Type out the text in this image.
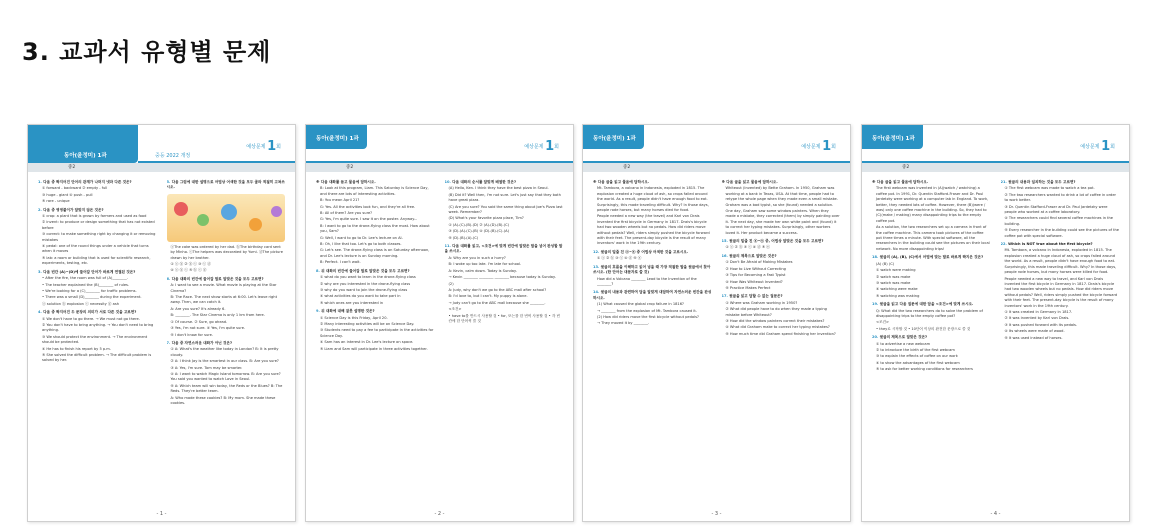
3. 교과서 유형별 문제
동아(윤정미) 1과	중등 2022 개정
예상문제 1회
중2

1. 다음 중 짝지어진 단어의 관계가 나머지 넷과 다른 것은?

① forward - backward ② empty - full

③ huge - giant ④ push - pull

⑤ rare - unique

2. 다음 중 영영풀이가 알맞지 않은 것은?

① crop: a plant that is grown by farmers and used as food

② invent: to produce or design something that has not existed before

③ correct: to make something right by changing it or removing mistakes

④ pedal: one of the round things under a vehicle that turns when it moves

⑤ lab: a room or building that is used for scientific research, experiments, testing, etc.

3. 다음 빈칸 (A)~(D)에 들어갈 단어가 바르게 연결된 것은?

• After the fire, the room was full of (A)________.

• The teacher explained the (B)________ of rules.

• We're looking for a (C)________ for traffic problems.

• There was a small (D)________ during the experiment.

ⓐ solution ⓑ explosion ⓒ necessity ⓓ ash

4. 다음 중 짝지어진 두 문장의 의미가 서로 다른 것을 고르면?

① We don't have to go there. → We must not go there.

② You don't have to bring anything. → You don't need to bring anything.

③ We should protect the environment. → The environment should be protected.

④ He has to finish his report by 5 p.m.

⑤ She solved the difficult problem. → The difficult problem is solved by her.

5. 다음 그림에 대한 설명으로 어법상 어색한 것을 모두 골라 적절히 고쳐쓰시오.

ⓐThe cake was ordered by her dad. ⓑThe birthday card sent by Minho. ⓒThe helpers was decorated by Yumi. ⓓThe picture drawn by her brother.

① ⓐ ⓑ ② ⓑ ⓒ ③ ⓒ ⓓ

④ ⓐ ⓑ ⓒ ⑤ ⓑ ⓒ ⓓ

6. 다음 대화의 빈칸에 들어갈 말로 알맞은 것을 모두 고르면?

A: I want to see a movie. What movie is playing at the Star Cinema?

B: The Race. The next show starts at 6:00. Let's leave right away. Then, we can catch it.

A: Are you sure? It's already 6.

B: ________. The Star Cinema is only 1 km from here.

① Of course. ② Sure, go ahead.

③ Yes, I'm not sure. ④ Yes, I'm quite sure.

⑤ I don't know for sure.

7. 다음 중 자연스러운 대화가 아닌 것은?

① A: What's the weather like today in London? B: It is pretty cloudy.

② A: I think Jay is the smartest in our class. B: Are you sure?

③ A: Yes, I'm sure. Tom may be smarter.

④ A: I want to watch Magic Island tomorrow. B: Are you sure? You said you wanted to watch Love in Seoul.

⑤ A: Which team will win today, the Reds or the Blues? B: The Reds. They're better team.

A: Who made these cookies? B: My mom. She made these cookies.

- 1 -
동아(윤정미) 1과
예상문제 1회
중2

※ 다음 대화를 듣고 물음에 답하시오.

B: Look at this program, Liam. This Saturday is Science Day, and there are lots of interesting activities.

B: You mean April 21?

G: Yes. All the activities look fun, and they're all free.

B: All of them? Are you sure?

G: Yes, I'm quite sure. I saw it on the poster. Anyway...

B: I want to go to the drone-flying class the most. How about you, Sam?

G: Well, I want to go to Dr. Lee's lecture on AI.

B: Oh, I like that too. Let's go to both classes.

G: Let's see. The drone-flying class is on Saturday afternoon, and Dr. Lee's lecture is on Sunday morning.

B: Perfect. I can't wait.

8. 위 대화의 빈칸에 들어갈 말로 알맞은 것을 모두 고르면?

① what do you want to learn in the drone-flying class

② why are you interested in the drone-flying class

③ why do you want to join the drone-flying class

④ what activities do you want to take part in

⑤ which ones are you interested in

9. 위 대화에 대해 잘못 설명한 것은?

① Science Day is this Friday, April 20.

② Many interesting activities will be on Science Day.

③ Students need to pay a fee to participate in the activities for Science Day.

④ Sam has an interest in Dr. Lee's lecture on space.

⑤ Liam and Sam will participate in three activities together.

10. 다음 대화의 순서를 알맞게 배열한 것은?

(A) Hello, Ken. I think they have the best pizza in Seoul.

(B) Did it? Well then, I'm not sure. Let's just say that they both have great pizza.

(C) Are you sure? You said the same thing about Joe's Pizza last week. Remember?

(D) What's your favorite pizza place, Tim?

① (A)-(C)-(B)-(D) ② (A)-(D)-(B)-(C)

③ (D)-(A)-(C)-(B) ④ (D)-(B)-(C)-(A)

⑤ (D)-(B)-(A)-(C)

11. 다음 대화를 읽고, <조건>에 맞게 빈칸에 알맞은 말을 넣어 완성할 말을 쓰시오.

A: Why are you in such a hurry?

B: I woke up too late. I'm late for school.

A: Kevin, calm down. Today is Sunday.

→ Kevin ________ ________ ________ because today is Sunday.

(2)

A: Judy, why don't we go to the ABC mall after school?

B: I'd love to, but I can't. My puppy is alone.

→ Judy can't go to the ABC mall because she ________.

<조건>

• have to를 반드시 사용할 것 • for, 또는를 한 번씩 사용할 것 • 각 빈칸에 한 단어씩 쓸 것

- 2 -
동아(윤정미) 1과
예상문제 1회
중2

※ 다음 글을 읽고 물음에 답하시오.

Mt. Tambora, a volcano in Indonesia, exploded in 1815. The explosion created a huge cloud of ash, so crops failed around the world. As a result, people didn't have enough food to eat. Surprisingly, this made traveling difficult. Why? In those days, people rode horses, but many horses died for food.

People needed a new way (the travel) and Karl von Drais invented the first bicycle in Germany in 1817. Drais's bicycle had two wooden wheels but no pedals. How did riders move without pedals? Well, riders simply pushed the bicycle forward with their feet. The present-day bicycle is the result of many inventors' work in the 19th century.

12. 윗글의 밑줄 친 ⓐ~ⓔ 중 어법상 어색한 것을 고르시오.

① ⓐ ② ⓑ ③ ⓒ ④ ⓓ ⑤ ⓔ

13. 윗글의 흐름을 이해하고 읽어 넣을 때 가장 적절한 말을 윗글에서 찾아 쓰시오. (한 단어는 대문자로 쓸 것)

How did a Volcano ________ Lead to the Invention of the ________?

14. 윗글의 내용과 관련하여 답을 알맞게 대답하여 자연스러운 빈칸을 완성하시오.

(1) What caused the global crop failure in 1816?

→ ________ from the explosion of Mt. Tambora caused it.

(2) How did riders move the first bicycle without pedals?

→ They moved it by ________.

※ 다음 글을 읽고 물음에 답하시오.

Whiteout (Invented) by Bette Graham. In 1950, Graham was working at a bank in Texas, USA. At that time, people had to retype the whole page when they made even a small mistake. Graham was a bad typist, so she (found) needed a solution.

One day, Graham saw some window painters. When they made a mistake, they corrected (them) by simply painting over it. The next day, she made her own white paint and (found) it to correct her typing mistakes. Surprisingly, other workers loved it. Her product became a success.

15. 윗글의 밑줄 친 ⓐ~ⓔ 중, 어법상 알맞은 것을 모두 고르면?

① ⓐ ② ⓑ ③ ⓒ ④ ⓓ ⑤ ⓔ

16. 윗글의 제목으로 알맞은 것은?

① Don't Be Afraid of Making Mistakes

② How to Live Without Correcting

③ Tips for Becoming a Fast Typist

④ How Was Whiteout Invented?

⑤ Practice Makes Perfect

17. 윗글을 읽고 답할 수 없는 질문은?

① Where was Graham working in 1950?

② What did people have to do when they made a typing mistake before Whiteout?

③ How did the window painters correct their mistakes?

④ What did Graham make to correct her typing mistakes?

⑤ How much time did Graham spend finishing her invention?

- 3 -
동아(윤정미) 1과
예상문제 1회
중2

※ 다음 글을 읽고 물음에 답하시오.

The first webcam was invented in (A)(watch / watching) a coffee pot. In 1991, Dr. Quentin Stafford-Fraser and Dr. Paul Jardetzky were working at a computer lab in England. To work, better, they needed lots of coffee. However, there (B)(were / was) only one coffee machine in the building. So, they had to (C)(make / making) many disappointing trips to the empty coffee pot.

As a solution, the two researchers set up a camera in front of the coffee machine. This camera took pictures of the coffee pot three times a minute. With special software, all the researchers in the building could see the pictures on their local network. No more disappointing trips!

18. 윗글의 (A), (B), (C)에서 어법에 맞는 말로 바르게 짝지은 것은?

(A) (B) (C)

① watch were making

② watch was make

③ watch was make

④ watching were make

⑤ watching was making

19. 윗글을 읽고 다음 질문에 대한 답을 <조건>에 맞게 쓰시오.

Q: What did the two researchers do to solve the problem of disappointing trips to the empty coffee pot?

<조건>

• they로 시작할 것 • 10단어 이상의 완전한 문장으로 쓸 것

20. 윗글의 제목으로 알맞은 것은?

① to advertise a new webcam

② to introduce the birth of the first webcam

③ to explain the effects of coffee on our work

④ to show the advantages of the first webcam

⑤ to ask for better working conditions for researchers

21. 윗글의 내용과 일치하는 것을 모두 고르면?

① The first webcam was made to watch a tea pot.

② The two researchers wanted to drink a lot of coffee in order to work better.

③ Dr. Quentin Stafford-Fraser and Dr. Paul Jardetzky were people who worked at a coffee laboratory.

④ The researchers could find several coffee machines in the building.

⑤ Every researcher in the building could see the pictures of the coffee pot with special software.

22. Which is NOT true about the first bicycle?

Mt. Tambora, a volcano in Indonesia, exploded in 1815. The explosion created a huge cloud of ash, so crops failed around the world. As a result, people didn't have enough food to eat. Surprisingly, this made traveling difficult. Why? In those days, people rode horses, but many horses were killed for food.

People needed a new way to travel, and Karl von Drais invented the first bicycle in Germany in 1817. Drais's bicycle had two wooden wheels but no pedals. How did riders move without pedals? Well, riders simply pushed the bicycle forward with their feet. The present-day bicycle is the result of many inventors' work in the 19th century.

① It was created in Germany in 1817.

② It was invented by Karl von Drais.

③ It was pushed forward with its pedals.

④ Its wheels were made of wood.

⑤ It was used instead of horses.

- 4 -
